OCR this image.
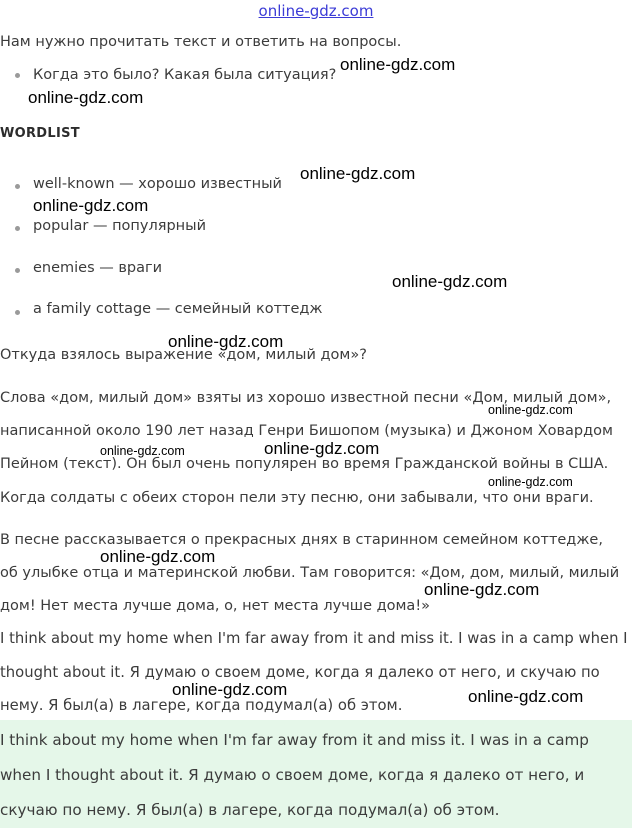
online-gdz.com
Нам нужно прочитать текст и ответить на вопросы.
Когда это было? Какая была ситуация?
WORDLIST
well-known — хорошо известный
popular — популярный
enemies — враги
a family cottage — семейный коттедж
Откуда взялось выражение «дом, милый дом»?
Слова «дом, милый дом» взяты из хорошо известной песни «Дом, милый дом»,
написанной около 190 лет назад Генри Бишопом (музыка) и Джоном Ховардом
Пейном (текст). Он был очень популярен во время Гражданской войны в США.
Когда солдаты с обеих сторон пели эту песню, они забывали, что они враги.
В песне рассказывается о прекрасных днях в старинном семейном коттедже,
об улыбке отца и материнской любви. Там говорится: «Дом, дом, милый, милый
дом! Нет места лучше дома, о, нет места лучше дома!»
I think about my home when I'm far away from it and miss it. I was in a camp when I
thought about it. Я думаю о своем доме, когда я далеко от него, и скучаю по
нему. Я был(а) в лагере, когда подумал(а) об этом.
I think about my home when I'm far away from it and miss it. I was in a camp
when I thought about it. Я думаю о своем доме, когда я далеко от него, и
скучаю по нему. Я был(а) в лагере, когда подумал(а) об этом.
online-gdz.com
online-gdz.com
online-gdz.com
online-gdz.com
online-gdz.com
online-gdz.com
online-gdz.com
online-gdz.com	online-gdz.com
online-gdz.com
online-gdz.com
online-gdz.com
online-gdz.com	online-gdz.com
